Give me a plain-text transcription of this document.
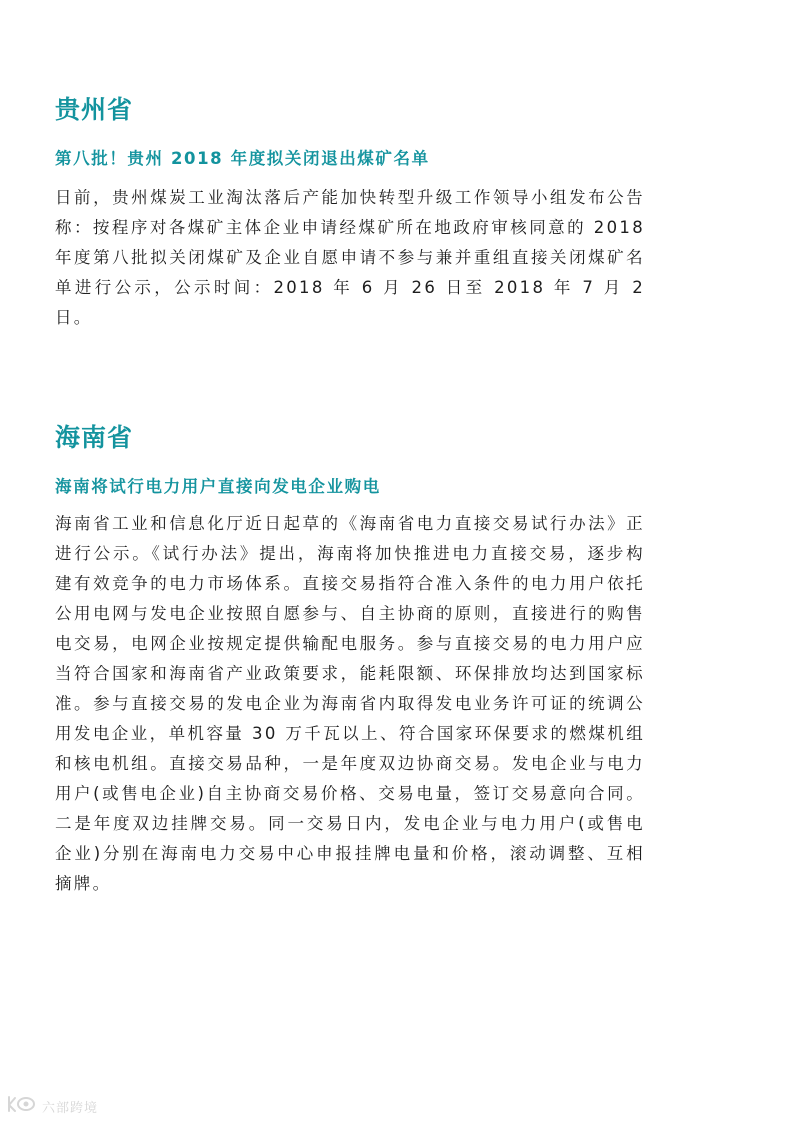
贵州省
第八批！贵州 2018 年度拟关闭退出煤矿名单

日前，贵州煤炭工业淘汰落后产能加快转型升级工作领导小组发布公告称：按程序对各煤矿主体企业申请经煤矿所在地政府审核同意的 2018 年度第八批拟关闭煤矿及企业自愿申请不参与兼并重组直接关闭煤矿名单进行公示，公示时间：2018 年 6 月 26 日至 2018 年 7 月 2 日。

海南省
海南将试行电力用户直接向发电企业购电

海南省工业和信息化厅近日起草的《海南省电力直接交易试行办法》正进行公示。《试行办法》提出，海南将加快推进电力直接交易，逐步构建有效竞争的电力市场体系。直接交易指符合准入条件的电力用户依托公用电网与发电企业按照自愿参与、自主协商的原则，直接进行的购售电交易，电网企业按规定提供输配电服务。参与直接交易的电力用户应当符合国家和海南省产业政策要求，能耗限额、环保排放均达到国家标准。参与直接交易的发电企业为海南省内取得发电业务许可证的统调公用发电企业，单机容量 30 万千瓦以上、符合国家环保要求的燃煤机组和核电机组。直接交易品种，一是年度双边协商交易。发电企业与电力用户(或售电企业)自主协商交易价格、交易电量，签订交易意向合同。二是年度双边挂牌交易。同一交易日内，发电企业与电力用户(或售电企业)分别在海南电力交易中心申报挂牌电量和价格，滚动调整、互相摘牌。

六部跨境
